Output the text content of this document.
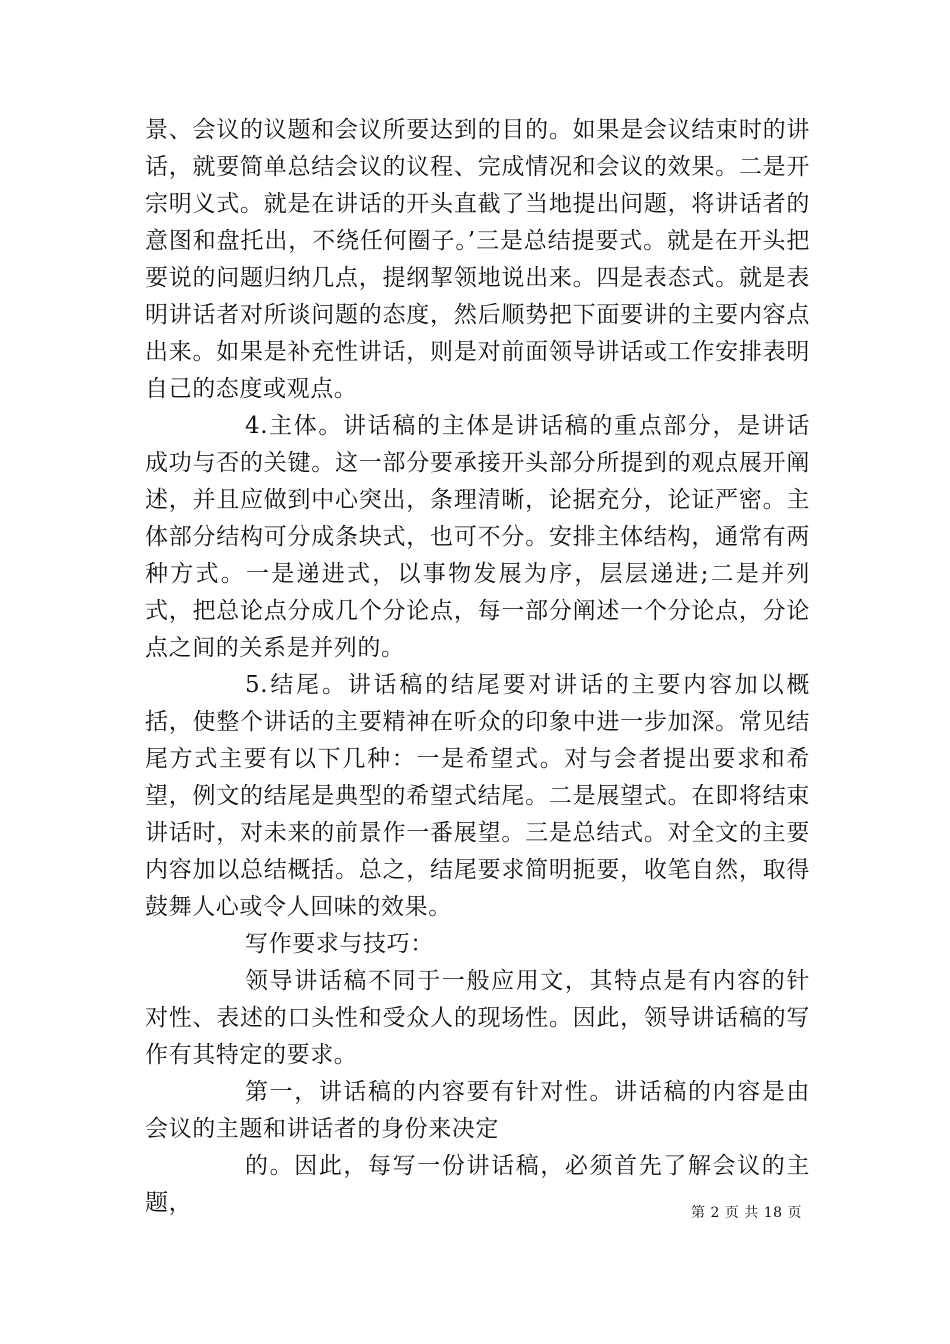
景、会议的议题和会议所要达到的目的。如果是会议结束时的讲话，就要简单总结会议的议程、完成情况和会议的效果。二是开宗明义式。就是在讲话的开头直截了当地提出问题，将讲话者的意图和盘托出，不绕任何圈子。’三是总结提要式。就是在开头把要说的问题归纳几点，提纲挈领地说出来。四是表态式。就是表明讲话者对所谈问题的态度，然后顺势把下面要讲的主要内容点出来。如果是补充性讲话，则是对前面领导讲话或工作安排表明自己的态度或观点。

4.主体。讲话稿的主体是讲话稿的重点部分，是讲话成功与否的关键。这一部分要承接开头部分所提到的观点展开阐述，并且应做到中心突出，条理清晰，论据充分，论证严密。主体部分结构可分成条块式，也可不分。安排主体结构，通常有两种方式。一是递进式，以事物发展为序，层层递进;二是并列式，把总论点分成几个分论点，每一部分阐述一个分论点，分论点之间的关系是并列的。

5.结尾。讲话稿的结尾要对讲话的主要内容加以概括，使整个讲话的主要精神在听众的印象中进一步加深。常见结尾方式主要有以下几种：一是希望式。对与会者提出要求和希望，例文的结尾是典型的希望式结尾。二是展望式。在即将结束讲话时，对未来的前景作一番展望。三是总结式。对全文的主要内容加以总结概括。总之，结尾要求简明扼要，收笔自然，取得鼓舞人心或令人回味的效果。

写作要求与技巧：

领导讲话稿不同于一般应用文，其特点是有内容的针对性、表述的口头性和受众人的现场性。因此，领导讲话稿的写作有其特定的要求。

第一，讲话稿的内容要有针对性。讲话稿的内容是由会议的主题和讲话者的身份来决定

的。因此，每写一份讲话稿，必须首先了解会议的主题，	第 2 页 共 18 页
